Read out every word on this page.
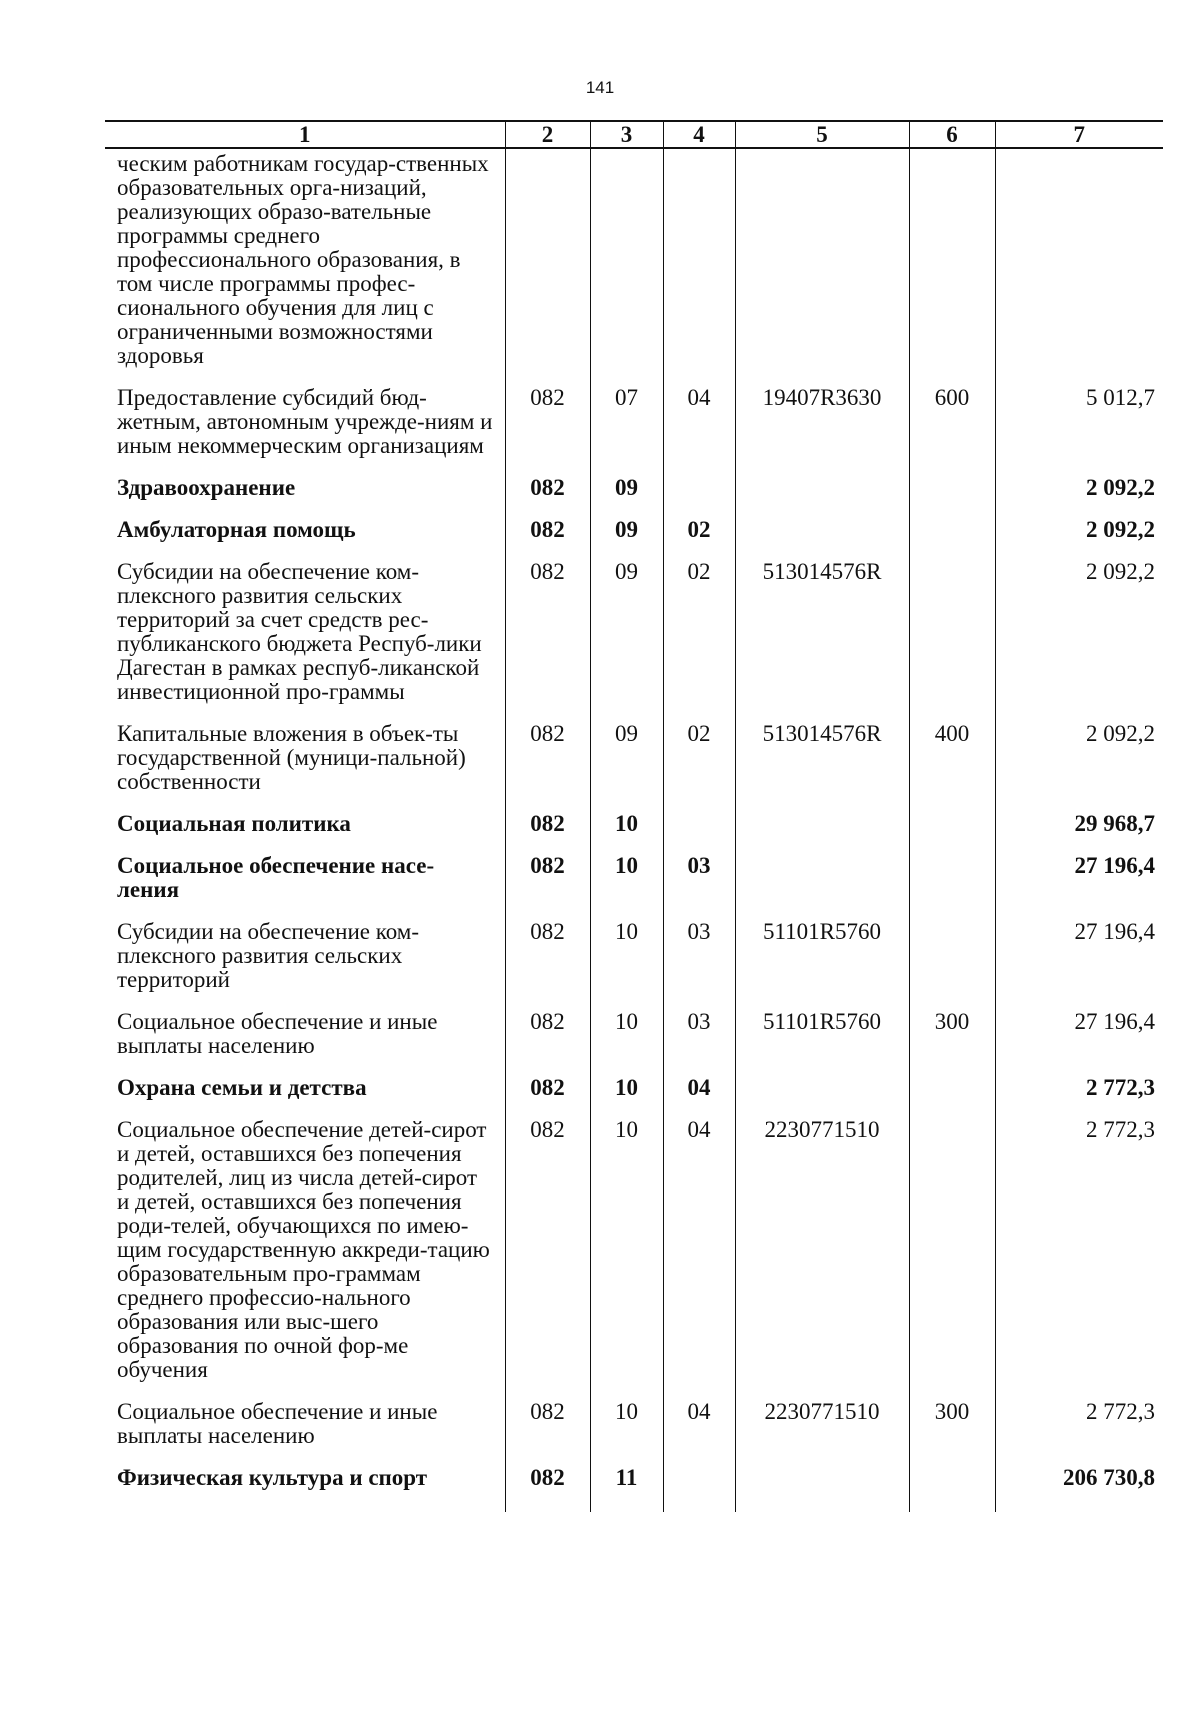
141
1	2	3	4	5	6	7
ческим работникам государ-ственных образовательных орга-низаций, реализующих образо-вательные программы среднего профессионального образования, в том числе программы профес-сионального обучения для лиц с ограниченными возможностями здоровья						
Предоставление субсидий бюд-жетным, автономным учрежде-ниям и иным некоммерческим организациям	082	07	04	19407R3630	600	5 012,7
Здравоохранение	082	09				2 092,2
Амбулаторная помощь	082	09	02			2 092,2
Субсидии на обеспечение ком-плексного развития сельских территорий за счет средств рес-публиканского бюджета Респуб-лики Дагестан в рамках респуб-ликанской инвестиционной про-граммы	082	09	02	513014576R		2 092,2
Капитальные вложения в объек-ты государственной (муници-пальной) собственности	082	09	02	513014576R	400	2 092,2
Социальная политика	082	10				29 968,7
Социальное обеспечение насе-ления	082	10	03			27 196,4
Субсидии на обеспечение ком-плексного развития сельских территорий	082	10	03	51101R5760		27 196,4
Социальное обеспечение и иные выплаты населению	082	10	03	51101R5760	300	27 196,4
Охрана семьи и детства	082	10	04			2 772,3
Социальное обеспечение детей-сирот и детей, оставшихся без попечения родителей, лиц из числа детей-сирот и детей, оставшихся без попечения роди-телей, обучающихся по имею-щим государственную аккреди-тацию образовательным про-граммам среднего профессио-нального образования или выс-шего образования по очной фор-ме обучения	082	10	04	2230771510		2 772,3
Социальное обеспечение и иные выплаты населению	082	10	04	2230771510	300	2 772,3
Физическая культура и спорт	082	11				206 730,8
